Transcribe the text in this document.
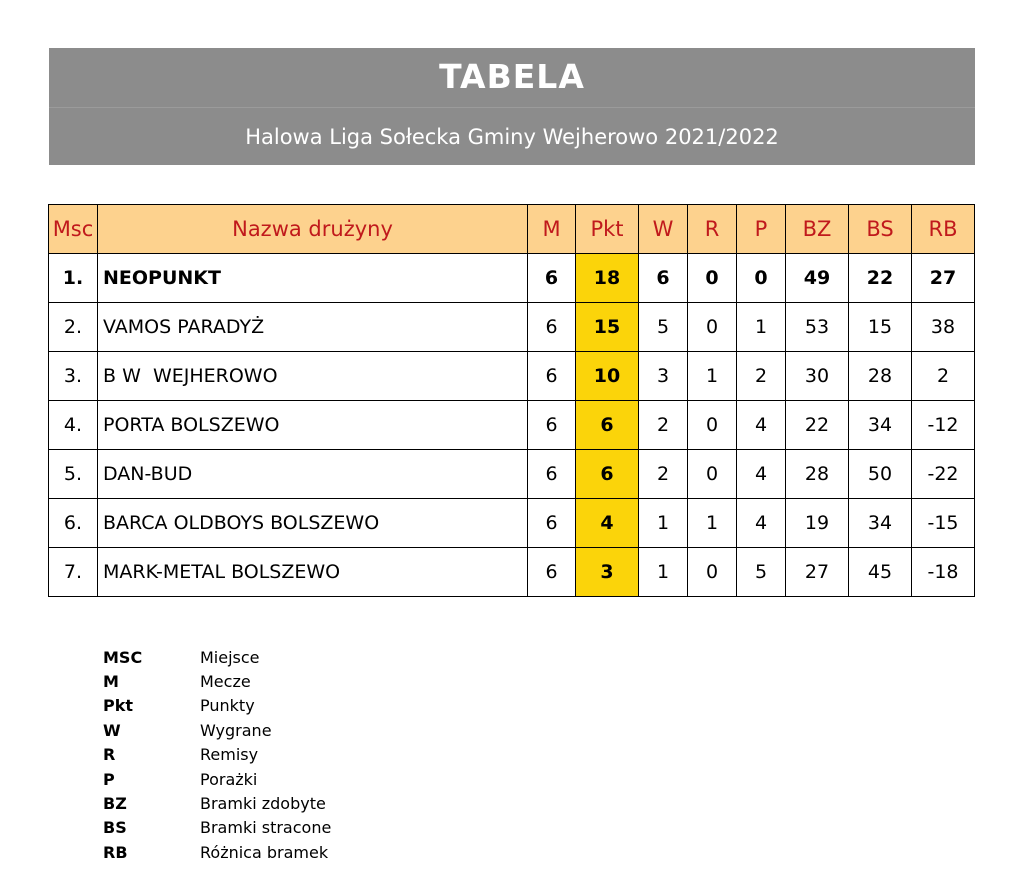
TABELA
Halowa Liga Sołecka Gminy Wejherowo 2021/2022
Msc	Nazwa drużyny	M	Pkt	W	R	P	BZ	BS	RB
1.	NEOPUNKT	6	18	6	0	0	49	22	27
2.	VAMOS PARADYŻ	6	15	5	0	1	53	15	38
3.	B W  WEJHEROWO	6	10	3	1	2	30	28	2
4.	PORTA BOLSZEWO	6	6	2	0	4	22	34	-12
5.	DAN-BUD	6	6	2	0	4	28	50	-22
6.	BARCA OLDBOYS BOLSZEWO	6	4	1	1	4	19	34	-15
7.	MARK-METAL BOLSZEWO	6	3	1	0	5	27	45	-18
MSC	Miejsce
M	Mecze
Pkt	Punkty
W	Wygrane
R	Remisy
P	Porażki
BZ	Bramki zdobyte
BS	Bramki stracone
RB	Różnica bramek
